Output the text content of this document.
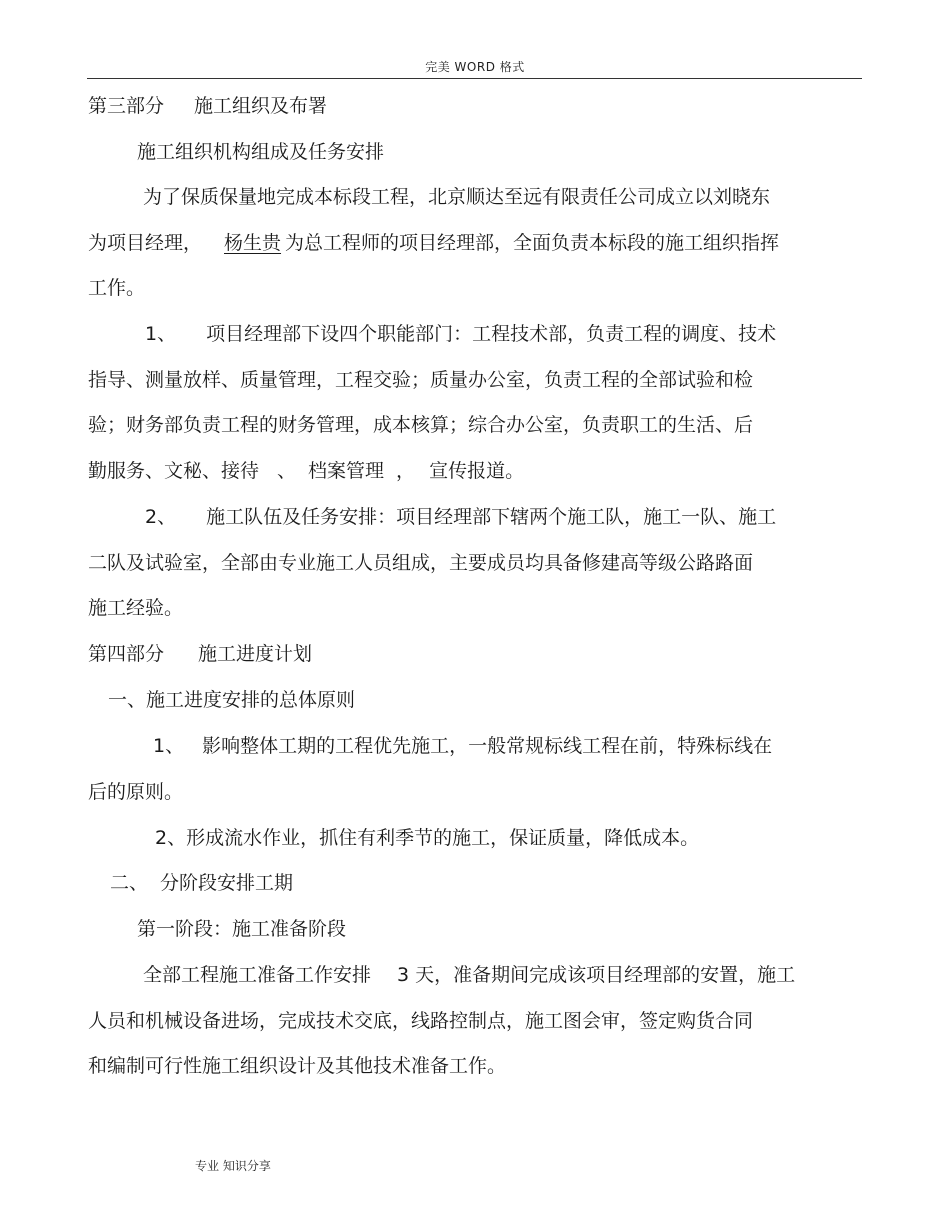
完美 WORD 格式
第三部分 施工组织及布署
施工组织机构组成及任务安排
为了保质保量地完成本标段工程，北京顺达至远有限责任公司成立以刘晓东
为项目经理， 杨生贵 为总工程师的项目经理部，全面负责本标段的施工组织指挥
工作。
1、 项目经理部下设四个职能部门：工程技术部，负责工程的调度、技术
指导、测量放样、质量管理，工程交验；质量办公室，负责工程的全部试验和检
验；财务部负责工程的财务管理，成本核算；综合办公室，负责职工的生活、后
勤服务、文秘、接待 、 档案管理 ， 宣传报道。
2、 施工队伍及任务安排：项目经理部下辖两个施工队，施工一队、施工
二队及试验室，全部由专业施工人员组成，主要成员均具备修建高等级公路路面
施工经验。
第四部分 施工进度计划
一、施工进度安排的总体原则
1、 影响整体工期的工程优先施工，一般常规标线工程在前，特殊标线在
后的原则。
2、形成流水作业，抓住有利季节的施工，保证质量，降低成本。
二、 分阶段安排工期
第一阶段：施工准备阶段
全部工程施工准备工作安排 3 天，准备期间完成该项目经理部的安置，施工
人员和机械设备进场，完成技术交底，线路控制点，施工图会审，签定购货合同
和编制可行性施工组织设计及其他技术准备工作。
专业 知识分享
